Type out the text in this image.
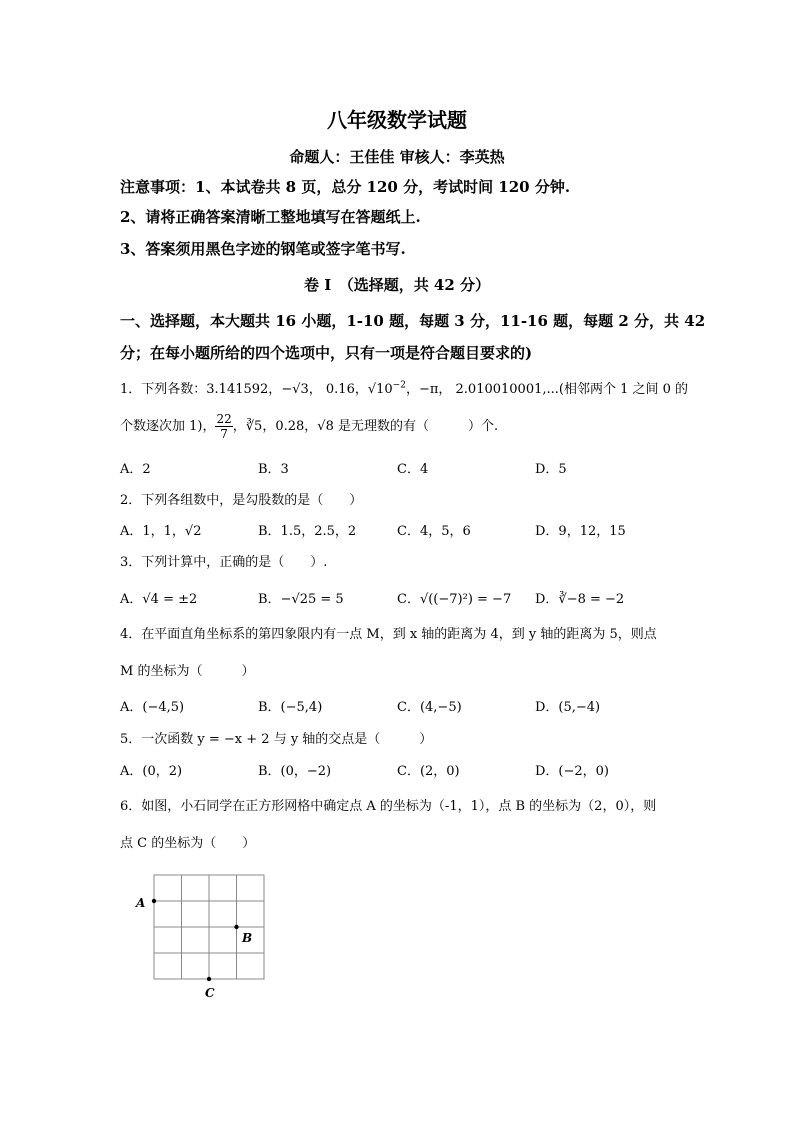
八年级数学试题
命题人：王佳佳 审核人：李英热
注意事项：1、本试卷共 8 页，总分 120 分，考试时间 120 分钟.
2、请将正确答案清晰工整地填写在答题纸上.
3、答案须用黑色字迹的钢笔或签字笔书写.
卷 I　（选择题，共 42 分）
一、选择题，本大题共 16 小题，1-10 题，每题 3 分，11-16 题，每题 2 分，共 42
分；在每小题所给的四个选项中，只有一项是符合题目要求的)
1．下列各数：3.141592，−√3， 0.16，$√10^{-2}$，−π， 2.010010001,...(相邻两个 1 之间 0 的
个数逐次加 1)， $\frac{22}{7}$ ，∛5，0.28，√8 是无理数的有（　　　）个.
A．2	B．3	C．4	D．5
2．下列各组数中，是勾股数的是（　　）
A．1，1，√2	B．1.5，2.5，2	C．4，5，6	D．9，12，15
3．下列计算中，正确的是（　　）.
A．√4 = ±2	B．−√25 = 5	C．√((−7)²) = −7 D．∛−8 = −2
4．在平面直角坐标系的第四象限内有一点 M，到 x 轴的距离为 4，到 y 轴的距离为 5，则点
M 的坐标为（　　　）
A．(−4,5)	B．(−5,4)	C．(4,−5)	D．(5,−4)
5．一次函数 y = −x + 2 与 y 轴的交点是（　　　）
A．(0，2)	B．(0，−2)	C．(2，0)	D．(−2，0)
6．如图，小石同学在正方形网格中确定点 A 的坐标为（-1，1），点 B 的坐标为（2，0），则
点 C 的坐标为（　　）
A
B
C
